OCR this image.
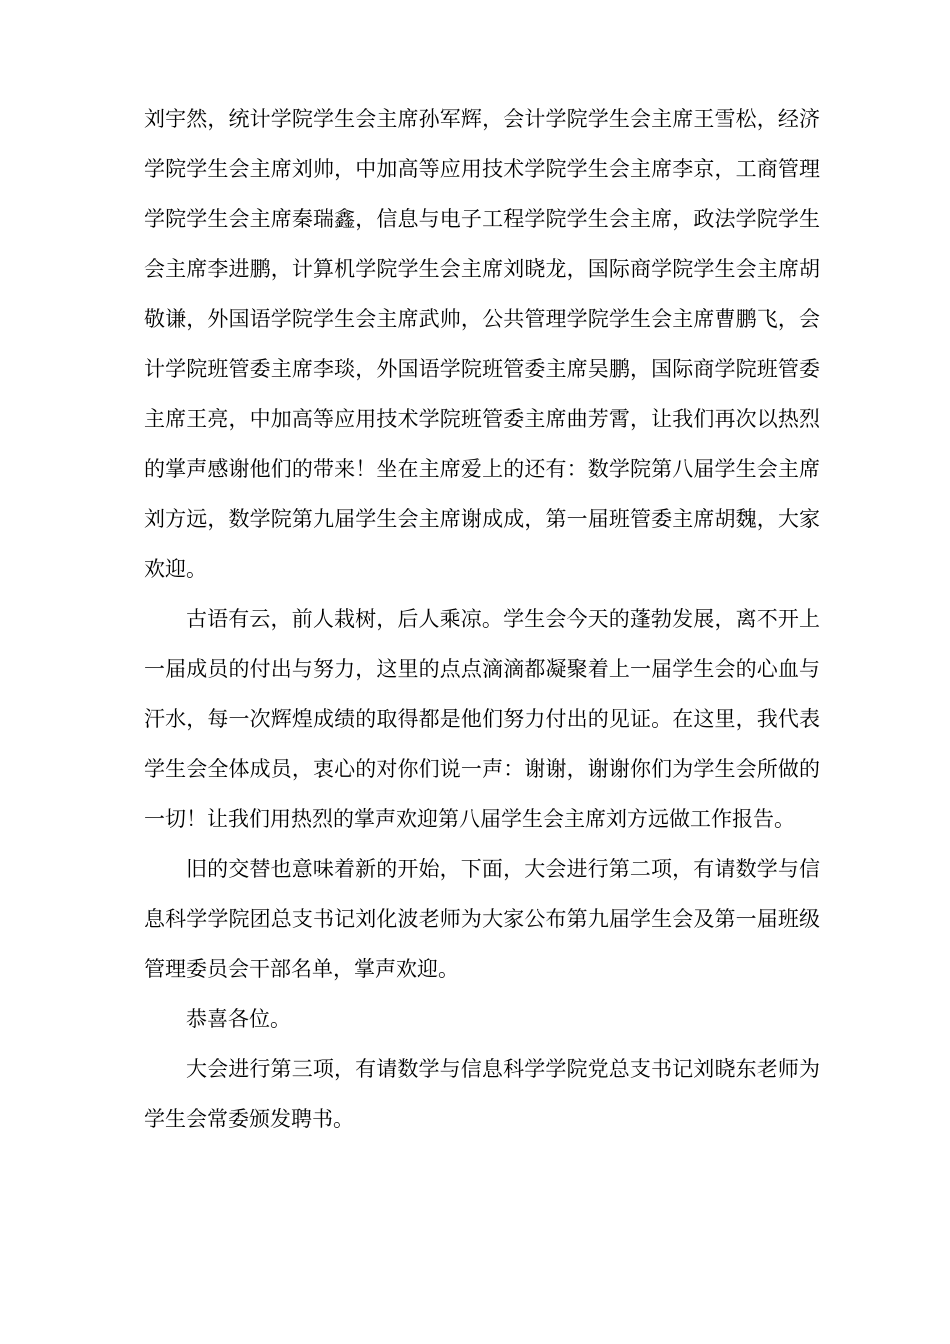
刘宇然，统计学院学生会主席孙军辉，会计学院学生会主席王雪松，经济学院学生会主席刘帅，中加高等应用技术学院学生会主席李京，工商管理学院学生会主席秦瑞鑫，信息与电子工程学院学生会主席，政法学院学生会主席李进鹏，计算机学院学生会主席刘晓龙，国际商学院学生会主席胡敬谦，外国语学院学生会主席武帅，公共管理学院学生会主席曹鹏飞，会计学院班管委主席李琰，外国语学院班管委主席吴鹏，国际商学院班管委主席王亮，中加高等应用技术学院班管委主席曲芳霄，让我们再次以热烈的掌声感谢他们的带来！坐在主席爱上的还有：数学院第八届学生会主席刘方远，数学院第九届学生会主席谢成成，第一届班管委主席胡魏，大家欢迎。

古语有云，前人栽树，后人乘凉。学生会今天的蓬勃发展，离不开上一届成员的付出与努力，这里的点点滴滴都凝聚着上一届学生会的心血与汗水，每一次辉煌成绩的取得都是他们努力付出的见证。在这里，我代表学生会全体成员，衷心的对你们说一声：谢谢，谢谢你们为学生会所做的一切！让我们用热烈的掌声欢迎第八届学生会主席刘方远做工作报告。

旧的交替也意味着新的开始，下面，大会进行第二项，有请数学与信息科学学院团总支书记刘化波老师为大家公布第九届学生会及第一届班级管理委员会干部名单，掌声欢迎。

恭喜各位。

大会进行第三项，有请数学与信息科学学院党总支书记刘晓东老师为学生会常委颁发聘书。
